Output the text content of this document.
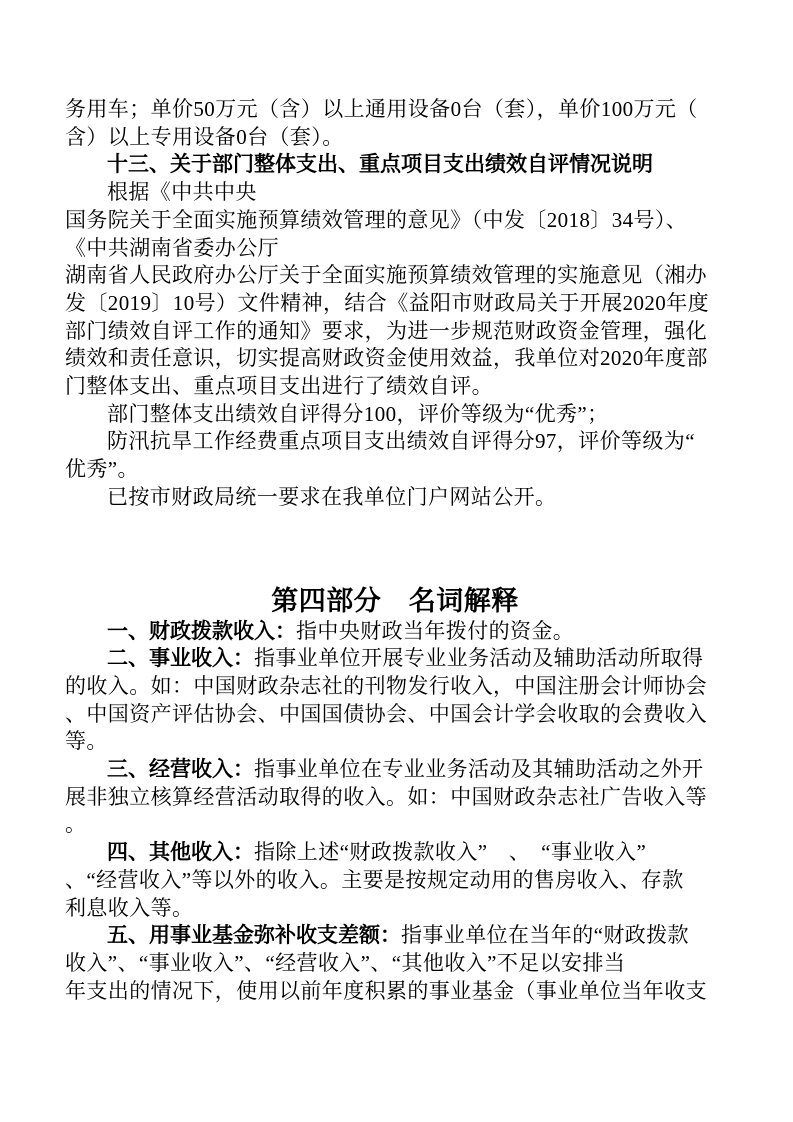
务用车；单价50万元（含）以上通用设备0台（套），单价100万元（
含）以上专用设备0台（套）。
十三、关于部门整体支出、重点项目支出绩效自评情况说明
根据《中共中央
国务院关于全面实施预算绩效管理的意见》（中发〔2018〕34号）、
《中共湖南省委办公厅
湖南省人民政府办公厅关于全面实施预算绩效管理的实施意见（湘办
发〔2019〕10号）文件精神，结合《益阳市财政局关于开展2020年度
部门绩效自评工作的通知》要求，为进一步规范财政资金管理，强化
绩效和责任意识，切实提高财政资金使用效益，我单位对2020年度部
门整体支出、重点项目支出进行了绩效自评。
部门整体支出绩效自评得分100，评价等级为“优秀”；
防汛抗旱工作经费重点项目支出绩效自评得分97，评价等级为“
优秀”。
已按市财政局统一要求在我单位门户网站公开。
第四部分　名词解释
一、财政拨款收入：指中央财政当年拨付的资金。
二、事业收入：指事业单位开展专业业务活动及辅助活动所取得
的收入。如：中国财政杂志社的刊物发行收入，中国注册会计师协会
、中国资产评估协会、中国国债协会、中国会计学会收取的会费收入
等。
三、经营收入：指事业单位在专业业务活动及其辅助活动之外开
展非独立核算经营活动取得的收入。如：中国财政杂志社广告收入等
。
四、其他收入：指除上述“财政拨款收入”　、　“事业收入”
、“经营收入”等以外的收入。主要是按规定动用的售房收入、存款
利息收入等。
五、用事业基金弥补收支差额：指事业单位在当年的“财政拨款
收入”、“事业收入”、“经营收入”、“其他收入”不足以安排当
年支出的情况下，使用以前年度积累的事业基金（事业单位当年收支
